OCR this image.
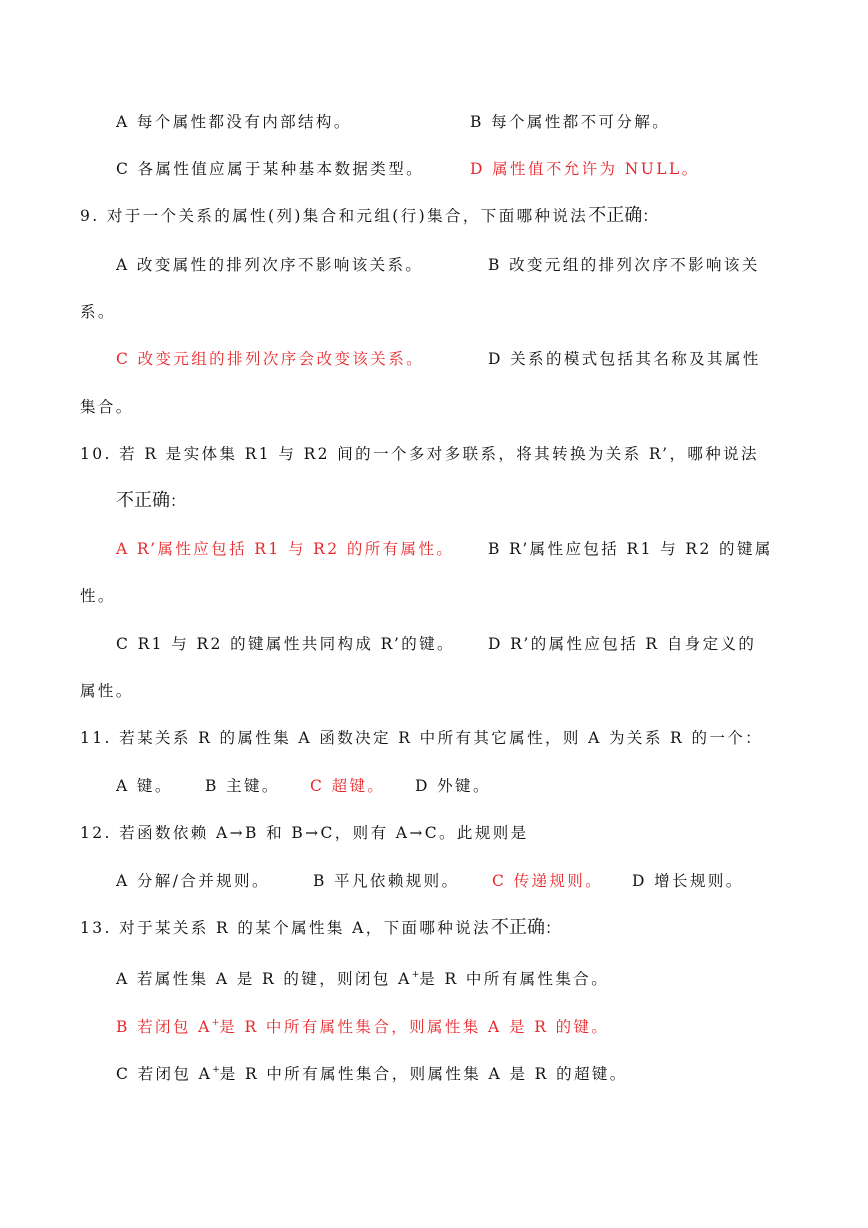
A 每个属性都没有内部结构。	B 每个属性都不可分解。
C 各属性值应属于某种基本数据类型。	D 属性值不允许为 NULL。
9. 对于一个关系的属性(列)集合和元组(行)集合，下面哪种说法不正确：
A 改变属性的排列次序不影响该关系。	B 改变元组的排列次序不影响该关
系。
C 改变元组的排列次序会改变该关系。	D 关系的模式包括其名称及其属性
集合。
10. 若 R 是实体集 R1 与 R2 间的一个多对多联系，将其转换为关系 R’，哪种说法
不正确：
A R’属性应包括 R1 与 R2 的所有属性。 B R’属性应包括 R1 与 R2 的键属
性。
C R1 与 R2 的键属性共同构成 R’的键。 D R’的属性应包括 R 自身定义的
属性。
11. 若某关系 R 的属性集 A 函数决定 R 中所有其它属性，则 A 为关系 R 的一个：
A 键。 B 主键。 C 超键。 D 外键。
12. 若函数依赖 A→B 和 B→C，则有 A→C。此规则是
A 分解/合并规则。	B 平凡依赖规则。 C 传递规则。 D 增长规则。
13. 对于某关系 R 的某个属性集 A，下面哪种说法不正确：
A 若属性集 A 是 R 的键，则闭包 A+是 R 中所有属性集合。
B 若闭包 A+是 R 中所有属性集合，则属性集 A 是 R 的键。
C 若闭包 A+是 R 中所有属性集合，则属性集 A 是 R 的超键。
